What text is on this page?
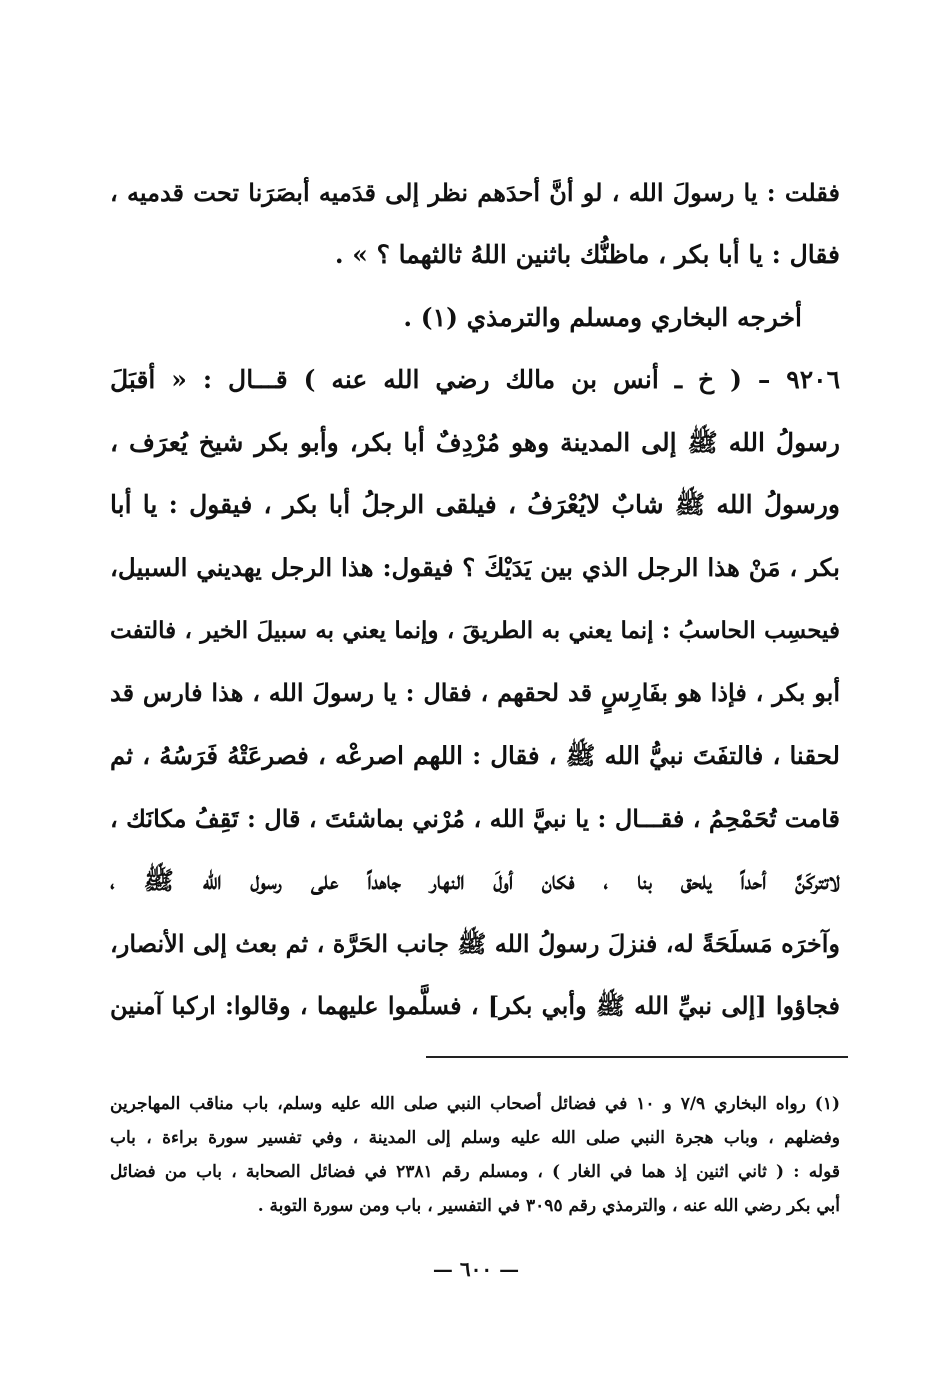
فقلت : يا رسولَ الله ، لو أنَّ أحدَهم نظر إلى قدَميه أبصَرَنا تحت قدميه ،
فقال : يا أبا بكر ، ماظنُّك باثنين اللهُ ثالثهما ؟ » .
أخرجه البخاري ومسلم والترمذي (١) .
٩٢٠٦ – ( خ ـ أنس بن مالك رضي الله عنه ) قـــال : « أقبَلَ
رسولُ الله ﷺ إلى المدينة وهو مُرْدِفٌ أبا بكر، وأبو بكر شيخ يُعرَف ،
ورسولُ الله ﷺ شابٌ لايُعْرَفُ ، فيلقى الرجلُ أبا بكر ، فيقول : يا أبا
بكر ، مَنْ هذا الرجل الذي بين يَدَيْكَ ؟ فيقول: هذا الرجل يهديني السبيل،
فيحسِب الحاسبُ : إنما يعني به الطريقَ ، وإنما يعني به سبيلَ الخير ، فالتفت
أبو بكر ، فإذا هو بفَارِسٍ قد لحقهم ، فقال : يا رسولَ الله ، هذا فارس قد
لحقنا ، فالتفَتَ نبيُّ الله ﷺ ، فقال : اللهم اصرعْه ، فصرعَتْهُ فَرَسُهُ ، ثم
قامت تُحَمْحِمُ ، فقـــال : يا نبيَّ الله ، مُرْني بماشئتَ ، قال : تَقِفُ مكانَك ،
لاتتركَنَّ أحداً يلحق بنا ، فكان أولَ النهار جاهداً على رسول الله ﷺ ،
وآخرَه مَسلَحَةً له، فنزلَ رسولُ الله ﷺ جانب الحَرَّة ، ثم بعث إلى الأنصار،
فجاؤوا [إلى نبيِّ الله ﷺ وأبي بكر] ، فسلَّموا عليهما ، وقالوا: اركبا آمنين
(١) رواه البخاري ٧/٩ و ١٠ في فضائل أصحاب النبي صلى الله عليه وسلم، باب مناقب المهاجرين
وفضلهم ، وباب هجرة النبي صلى الله عليه وسلم إلى المدينة ، وفي تفسير سورة براءة ، باب
قوله : ( ثاني اثنين إذ هما في الغار ) ، ومسلم رقم ٢٣٨١ في فضائل الصحابة ، باب من فضائل
أبي بكر رضي الله عنه ، والترمذي رقم ٣٠٩٥ في التفسير ، باب ومن سورة التوبة .
— ٦٠٠ —
